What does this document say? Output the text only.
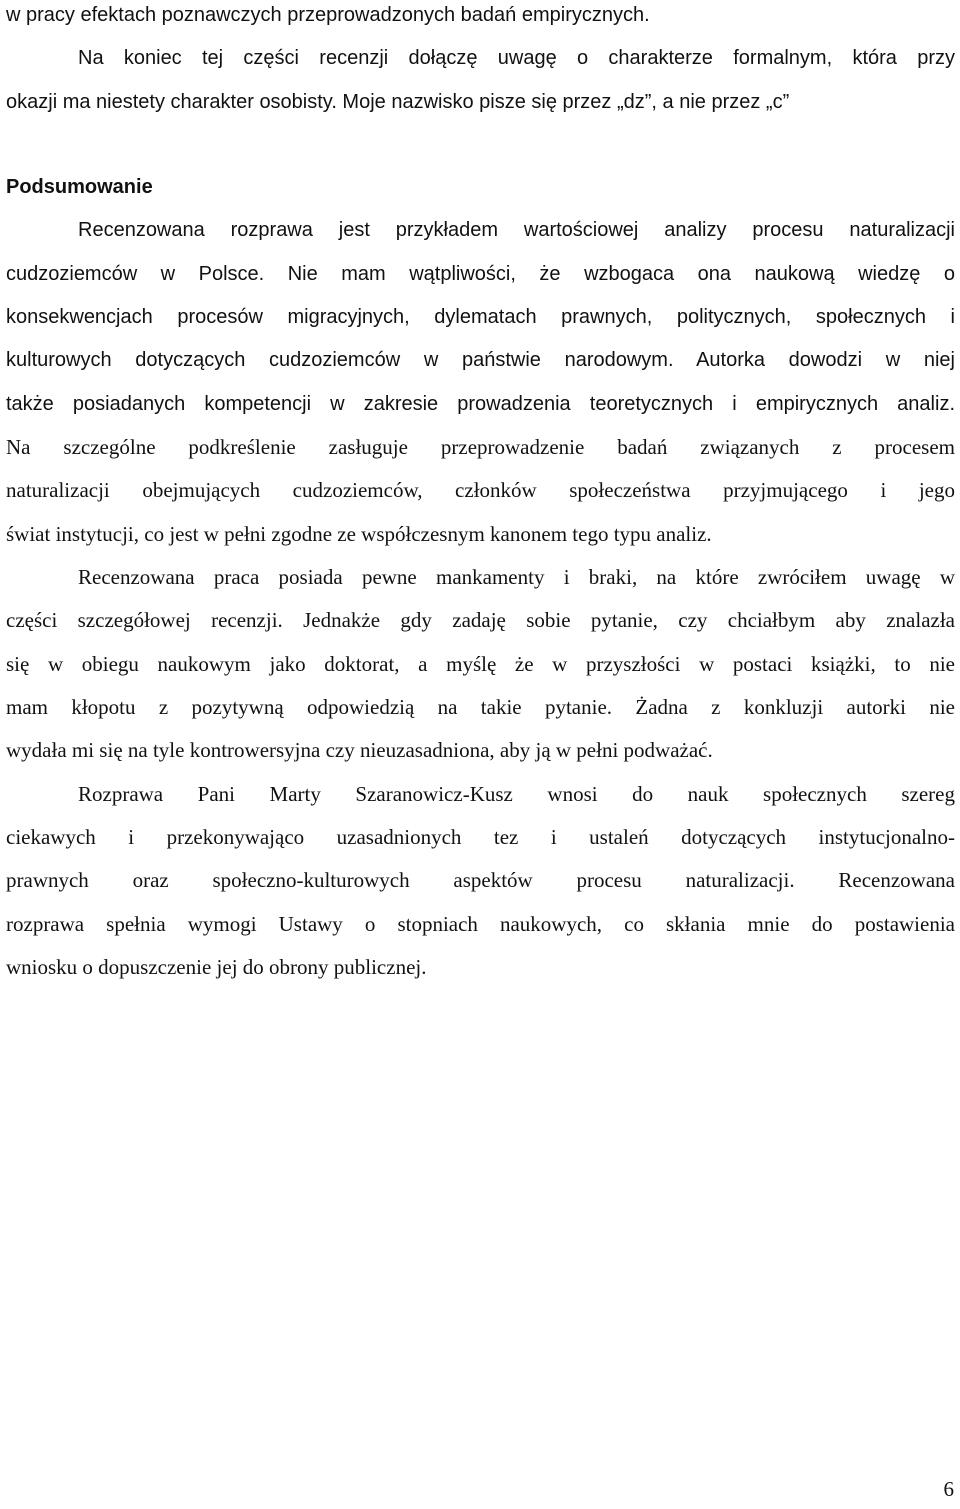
w pracy efektach poznawczych przeprowadzonych badań empirycznych.
Na koniec tej części recenzji dołączę uwagę o charakterze formalnym, która przy
okazji ma niestety charakter osobisty. Moje nazwisko pisze się przez „dz”, a nie przez „c”
Podsumowanie
Recenzowana rozprawa jest przykładem wartościowej analizy procesu naturalizacji
cudzoziemców w Polsce. Nie mam wątpliwości, że wzbogaca ona naukową wiedzę o
konsekwencjach procesów migracyjnych, dylematach prawnych, politycznych, społecznych i
kulturowych dotyczących cudzoziemców w państwie narodowym. Autorka dowodzi w niej
także posiadanych kompetencji w zakresie prowadzenia teoretycznych i empirycznych analiz.
Na szczególne podkreślenie zasługuje przeprowadzenie badań związanych z procesem
naturalizacji obejmujących cudzoziemców, członków społeczeństwa przyjmującego i jego
świat instytucji, co jest w pełni zgodne ze współczesnym kanonem tego typu analiz.
Recenzowana praca posiada pewne mankamenty i braki, na które zwróciłem uwagę w
części szczegółowej recenzji. Jednakże gdy zadaję sobie pytanie, czy chciałbym aby znalazła
się w obiegu naukowym jako doktorat, a myślę że w przyszłości w postaci książki, to nie
mam kłopotu z pozytywną odpowiedzią na takie pytanie. Żadna z konkluzji autorki nie
wydała mi się na tyle kontrowersyjna czy nieuzasadniona, aby ją w pełni podważać.
Rozprawa Pani Marty Szaranowicz-Kusz wnosi do nauk społecznych szereg
ciekawych i przekonywająco uzasadnionych tez i ustaleń dotyczących instytucjonalno-
prawnych oraz społeczno-kulturowych aspektów procesu naturalizacji. Recenzowana
rozprawa spełnia wymogi Ustawy o stopniach naukowych, co skłania mnie do postawienia
wniosku o dopuszczenie jej do obrony publicznej.
6
